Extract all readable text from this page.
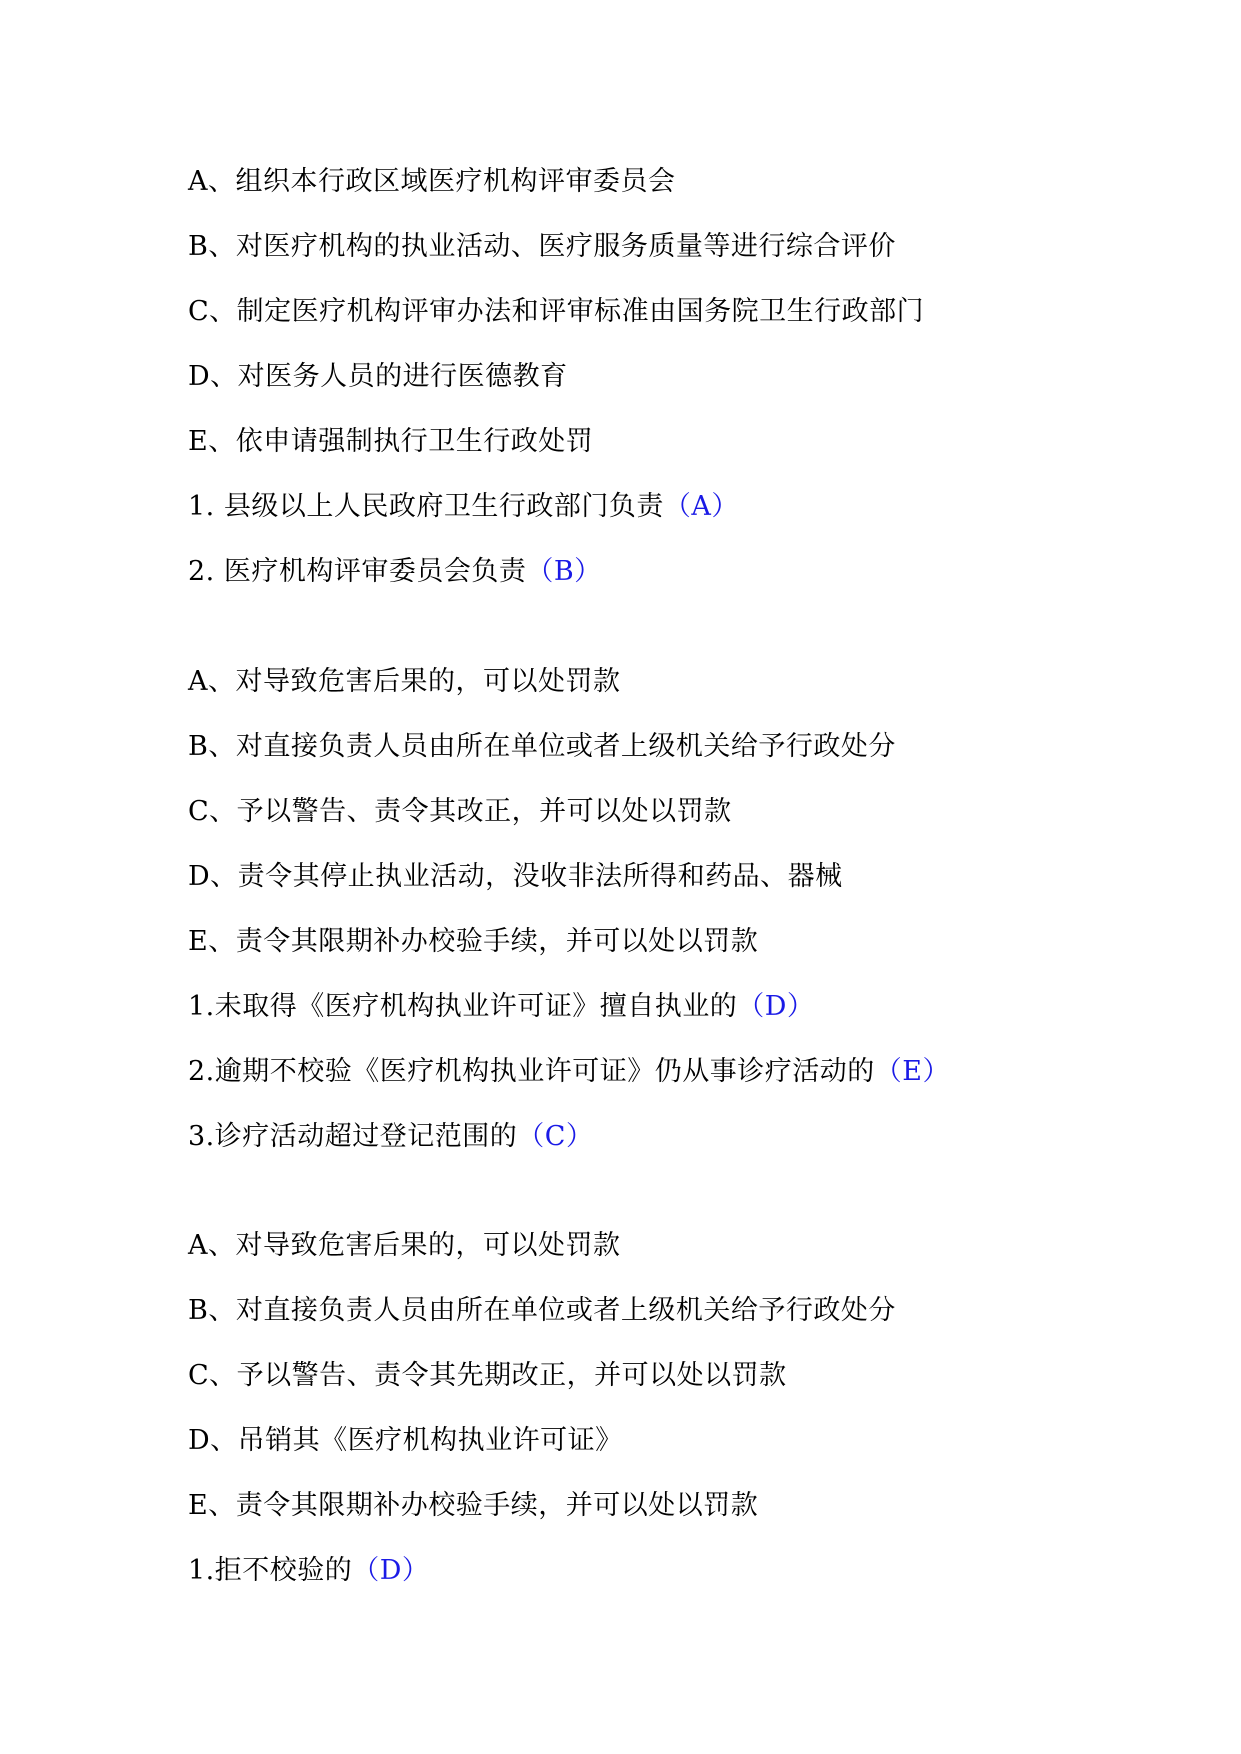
A、组织本行政区域医疗机构评审委员会
B、对医疗机构的执业活动、医疗服务质量等进行综合评价
C、制定医疗机构评审办法和评审标准由国务院卫生行政部门
D、对医务人员的进行医德教育
E、依申请强制执行卫生行政处罚
1. 县级以上人民政府卫生行政部门负责（A）
2. 医疗机构评审委员会负责（B）
A、对导致危害后果的，可以处罚款
B、对直接负责人员由所在单位或者上级机关给予行政处分
C、予以警告、责令其改正，并可以处以罚款
D、责令其停止执业活动，没收非法所得和药品、器械
E、责令其限期补办校验手续，并可以处以罚款
1.未取得《医疗机构执业许可证》擅自执业的（D）
2.逾期不校验《医疗机构执业许可证》仍从事诊疗活动的（E）
3.诊疗活动超过登记范围的（C）
A、对导致危害后果的，可以处罚款
B、对直接负责人员由所在单位或者上级机关给予行政处分
C、予以警告、责令其先期改正，并可以处以罚款
D、吊销其《医疗机构执业许可证》
E、责令其限期补办校验手续，并可以处以罚款
1.拒不校验的（D）
